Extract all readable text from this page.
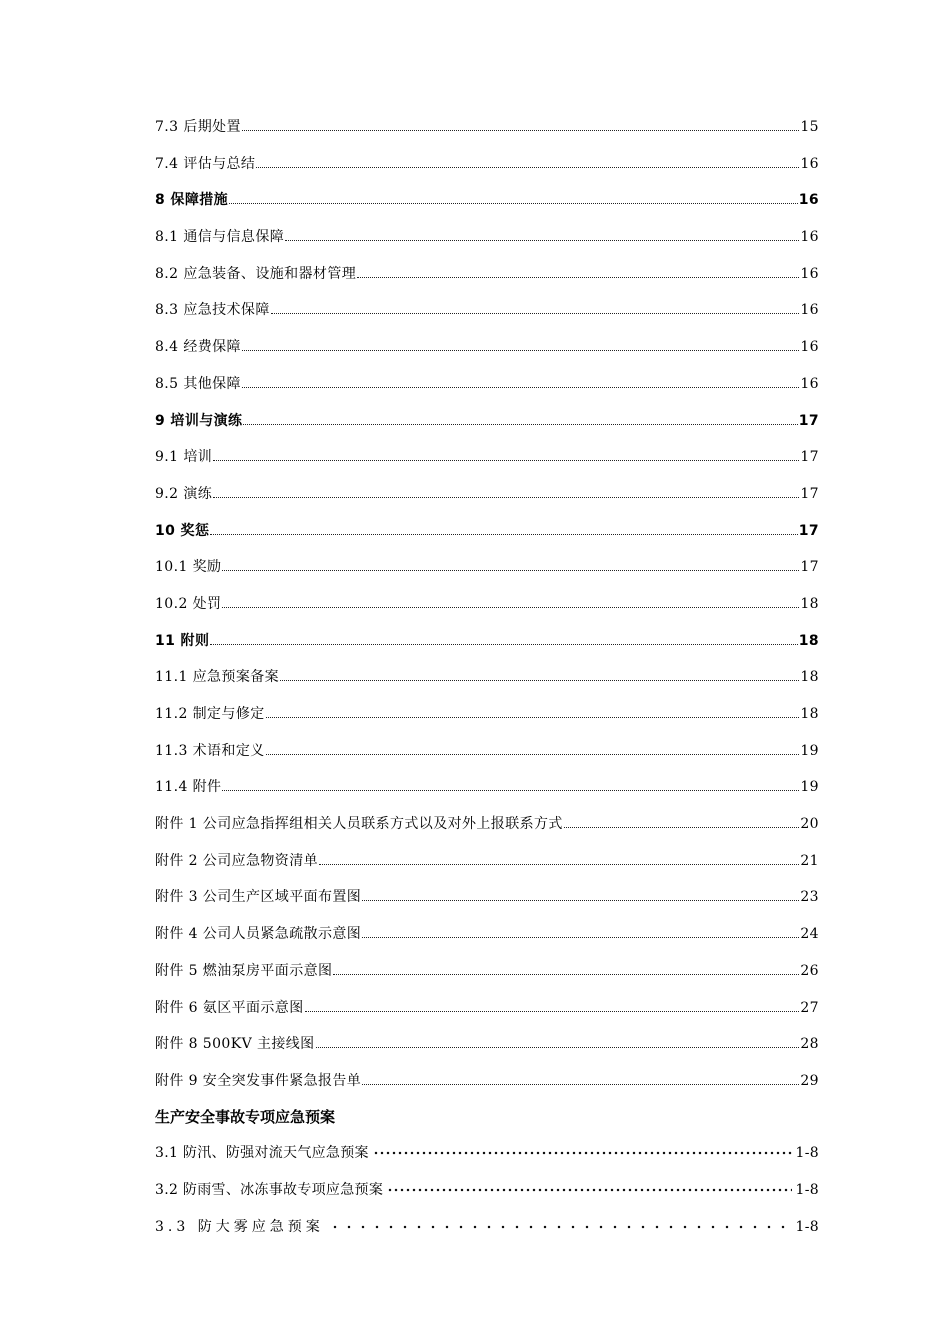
7.3 后期处置	15
7.4 评估与总结	16
8 保障措施	16
8.1 通信与信息保障	16
8.2 应急装备、设施和器材管理	16
8.3 应急技术保障	16
8.4 经费保障	16
8.5 其他保障	16
9 培训与演练	17
9.1 培训	17
9.2 演练	17
10 奖惩	17
10.1 奖励	17
10.2 处罚	18
11 附则	18
11.1 应急预案备案	18
11.2 制定与修定	18
11.3 术语和定义	19
11.4 附件	19
附件 1 公司应急指挥组相关人员联系方式以及对外上报联系方式	20
附件 2 公司应急物资清单	21
附件 3 公司生产区域平面布置图	23
附件 4 公司人员紧急疏散示意图	24
附件 5 燃油泵房平面示意图	26
附件 6 氨区平面示意图	27
附件 8 500KV 主接线图	28
附件 9 安全突发事件紧急报告单	29
生产安全事故专项应急预案
3.1 防汛、防强对流天气应急预案	1-8
3.2 防雨雪、冰冻事故专项应急预案	1-8
3.3 防大雾应急预案	1-8
